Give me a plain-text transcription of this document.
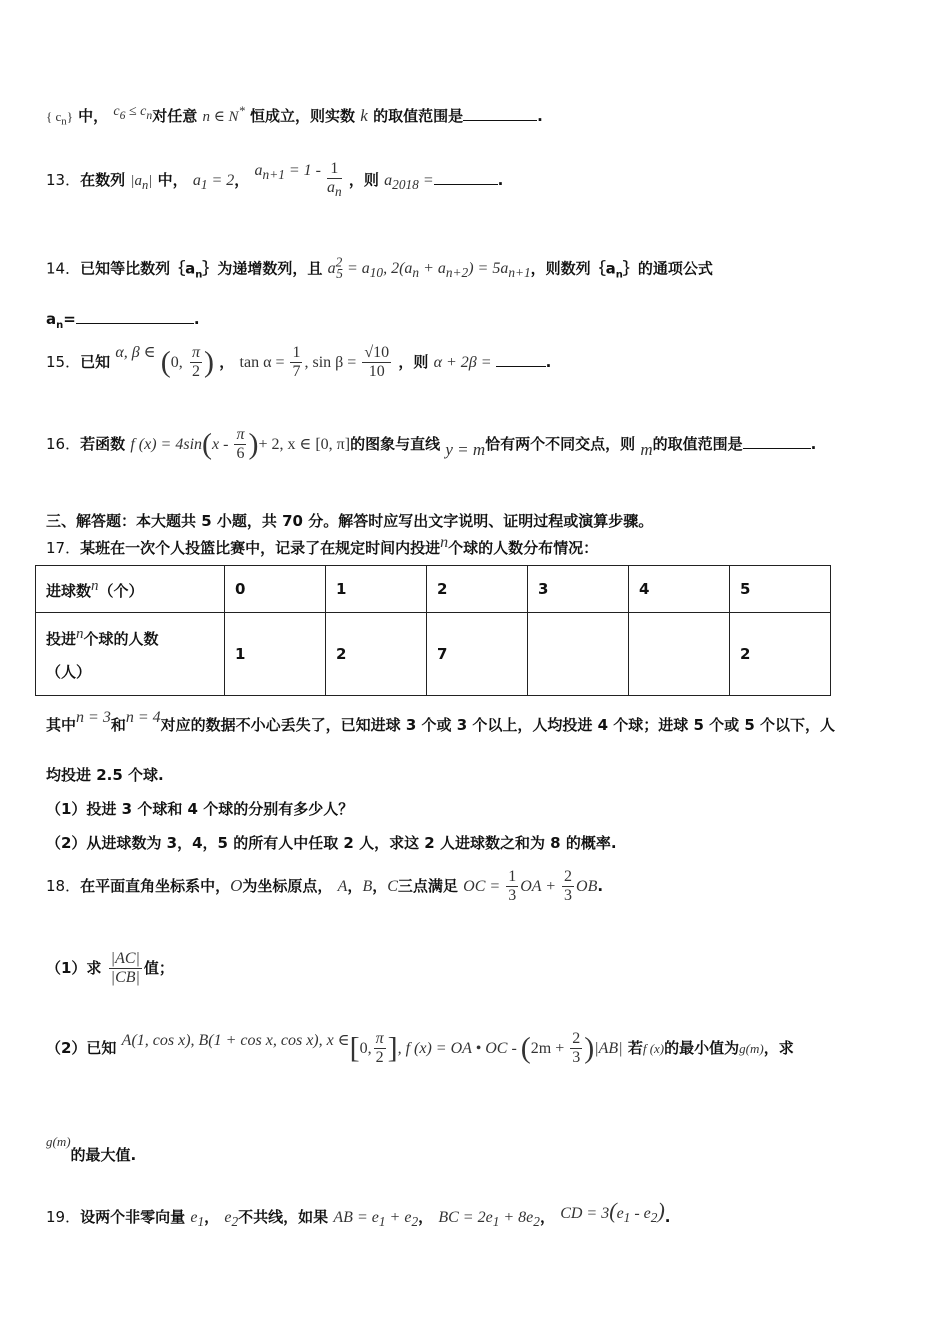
{ $c_n$} 中， $c_6 \le c_n$对任意 n ∈ N* 恒成立，则实数 k 的取值范围是	.
13．在数列 $|a_n|$ 中， $a_1 = 2$， $a_{n+1} = 1 - \frac{1}{a_n}$ ，则 $a_{2018}$ =	.
14．已知等比数列$\{a_n\}$为递增数列，且 $a^2_5 = a_{10}$, $2(a_n + a_{n+2}) = 5a_{n+1}$，则数列$\{a_n\}$的通项公式
$a_n=$	.
15．已知 α, β ∈ (0, $\frac{\pi}{2}$ ) ， $\tan \alpha = \frac{1}{7}$ , $\sin \beta = \frac{√10}{10}$ ，则 α + 2β =	.
16．若函数 f $(x) = 4\sin(x - \frac{\pi}{6}$ )+ 2, x ∈ [0, π]的图象与直线 y = m恰有两个不同交点，则 m的取值范围是	.
三、解答题：本大题共 5 小题，共 70 分。解答时应写出文字说明、证明过程或演算步骤。
17．某班在一次个人投篮比赛中，记录了在规定时间内投进n个球的人数分布情况：
进球数n（个）	0	1	2	3	4	5

投进n个球的人数
（人）	1	2	7			2
其中n = 3和n = 4对应的数据不小心丢失了，已知进球 3 个或 3 个以上，人均投进 4 个球；进球 5 个或 5 个以下，人
均投进 2.5 个球.
（1）投进 3 个球和 4 个球的分别有多少人？
（2）从进球数为 3，4，5 的所有人中任取 2 人，求这 2 人进球数之和为 8 的概率.
18．在平面直角坐标系中，O为坐标原点， A，B，C三点满足 OC = $\frac{1}{3}$ OA + $\frac{2}{3}$ OB.
（1）求 $\frac{|AC|}{|CB|}$ 值；
（2）已知 A(1, cos x), B(1 + cos x, cos x), x ∈[0, $\frac{\pi}{2}$ ], f (x) = OA • OC - $(2m + \frac{2}{3} )|AB|$ 若f (x)的最小值为g(m)，求
g(m)的最大值.
19．设两个非零向量 $e_1$， $e_2$不共线，如果 AB = $e_1 + e_2$， BC = $2e_1 + 8e_2$， CD = $3(e_1 - e_2)$.
